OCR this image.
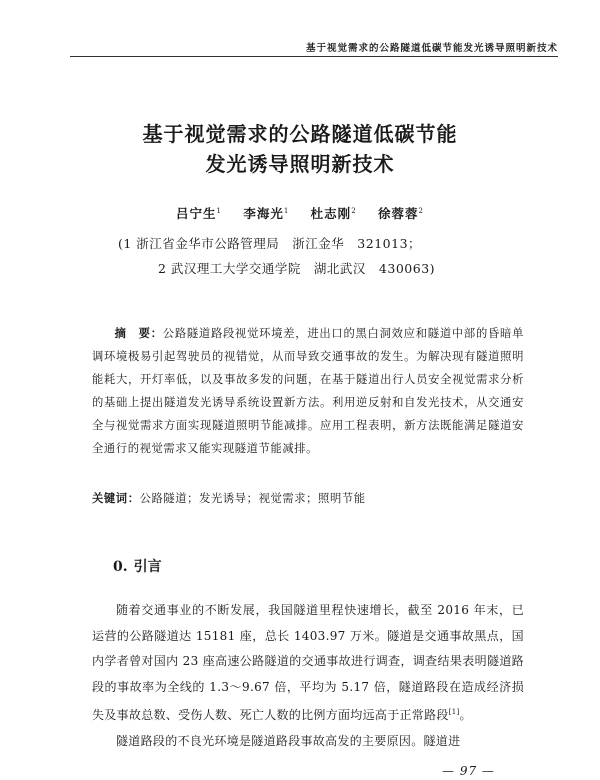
基于视觉需求的公路隧道低碳节能发光诱导照明新技术
基于视觉需求的公路隧道低碳节能
发光诱导照明新技术
吕宁生$^1$ 李海光$^1$ 杜志刚$^2$ 徐蓉蓉$^2$
(1 浙江省金华市公路管理局　浙江金华　321013；
2 武汉理工大学交通学院　湖北武汉　430063)
摘　要：公路隧道路段视觉环境差，进出口的黑白洞效应和隧道中部的昏暗单调环境极易引起驾驶员的视错觉，从而导致交通事故的发生。为解决现有隧道照明能耗大，开灯率低，以及事故多发的问题，在基于隧道出行人员安全视觉需求分析的基础上提出隧道发光诱导系统设置新方法。利用逆反射和自发光技术，从交通安全与视觉需求方面实现隧道照明节能减排。应用工程表明，新方法既能满足隧道安全通行的视觉需求又能实现隧道节能减排。
关键词：公路隧道；发光诱导；视觉需求；照明节能
0. 引言

随着交通事业的不断发展，我国隧道里程快速增长，截至 2016 年末，已运营的公路隧道达 15181 座，总长 1403.97 万米。隧道是交通事故黑点，国内学者曾对国内 23 座高速公路隧道的交通事故进行调查，调查结果表明隧道路段的事故率为全线的 1.3～9.67 倍，平均为 5.17 倍，隧道路段在造成经济损失及事故总数、受伤人数、死亡人数的比例方面均远高于正常路段[1]。

隧道路段的不良光环境是隧道路段事故高发的主要原因。隧道进

— 97 —
